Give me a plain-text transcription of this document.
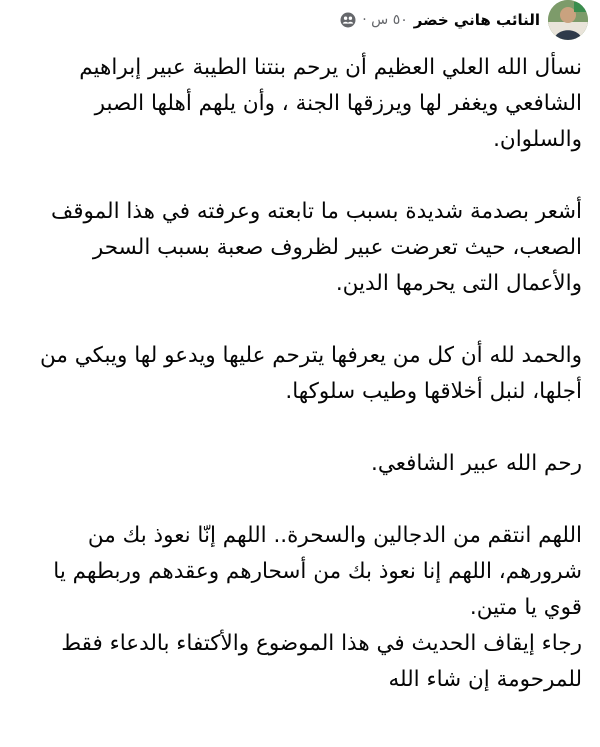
النائب هاني خضر
٥٠ س ·

نسأل الله العلي العظيم أن يرحم بنتنا الطيبة عبير إبراهيم الشافعي ويغفر لها ويرزقها الجنة ، وأن يلهم أهلها الصبر والسلوان.

أشعر بصدمة شديدة بسبب ما تابعته وعرفته في هذا الموقف الصعب، حيث تعرضت عبير لظروف صعبة بسبب السحر والأعمال التى يحرمها الدين.

والحمد لله أن كل من يعرفها يترحم عليها ويدعو لها ويبكي من أجلها، لنبل أخلاقها وطيب سلوكها.

رحم الله عبير الشافعي.

اللهم انتقم من الدجالين والسحرة.. اللهم إنّا نعوذ بك من شرورهم، اللهم إنا نعوذ بك من أسحارهم وعقدهم وربطهم يا قوي يا متين.

رجاء إيقاف الحديث في هذا الموضوع والأكتفاء بالدعاء فقط للمرحومة إن شاء الله
